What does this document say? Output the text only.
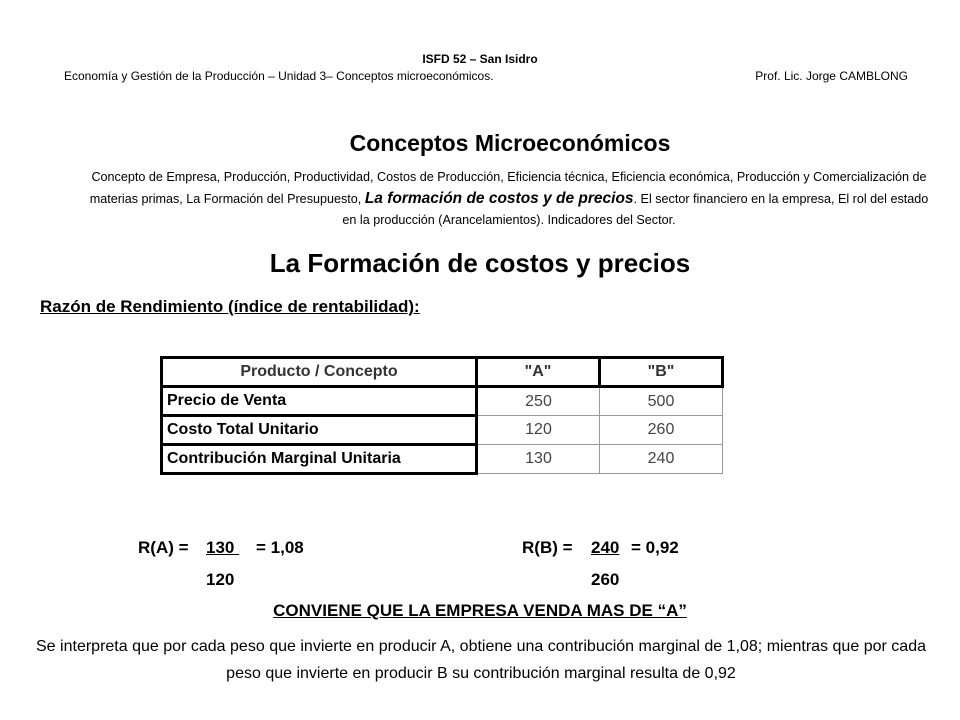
ISFD 52 – San Isidro
Economía y Gestión de la Producción – Unidad 3– Conceptos microeconómicos.	Prof. Lic. Jorge CAMBLONG
Conceptos Microeconómicos
Concepto de Empresa, Producción, Productividad, Costos de Producción, Eficiencia técnica, Eficiencia económica, Producción y Comercialización de materias primas, La Formación del Presupuesto, La formación de costos y de precios. El sector financiero en la empresa, El rol del estado en la producción (Arancelamientos). Indicadores del Sector.
La Formación de costos y precios
Razón de Rendimiento (índice de rentabilidad):
Producto / Concepto	"A"	"B"
Precio de Venta	250	500
Costo Total Unitario	120	260
Contribución Marginal Unitaria	130	240
R(A) = 130 = 1,08
120
R(B) = 240 = 0,92
260
CONVIENE QUE LA EMPRESA VENDA MAS DE “A”
Se interpreta que por cada peso que invierte en producir A, obtiene una contribución marginal de 1,08; mientras que por cada peso que invierte en producir B su contribución marginal resulta de 0,92
